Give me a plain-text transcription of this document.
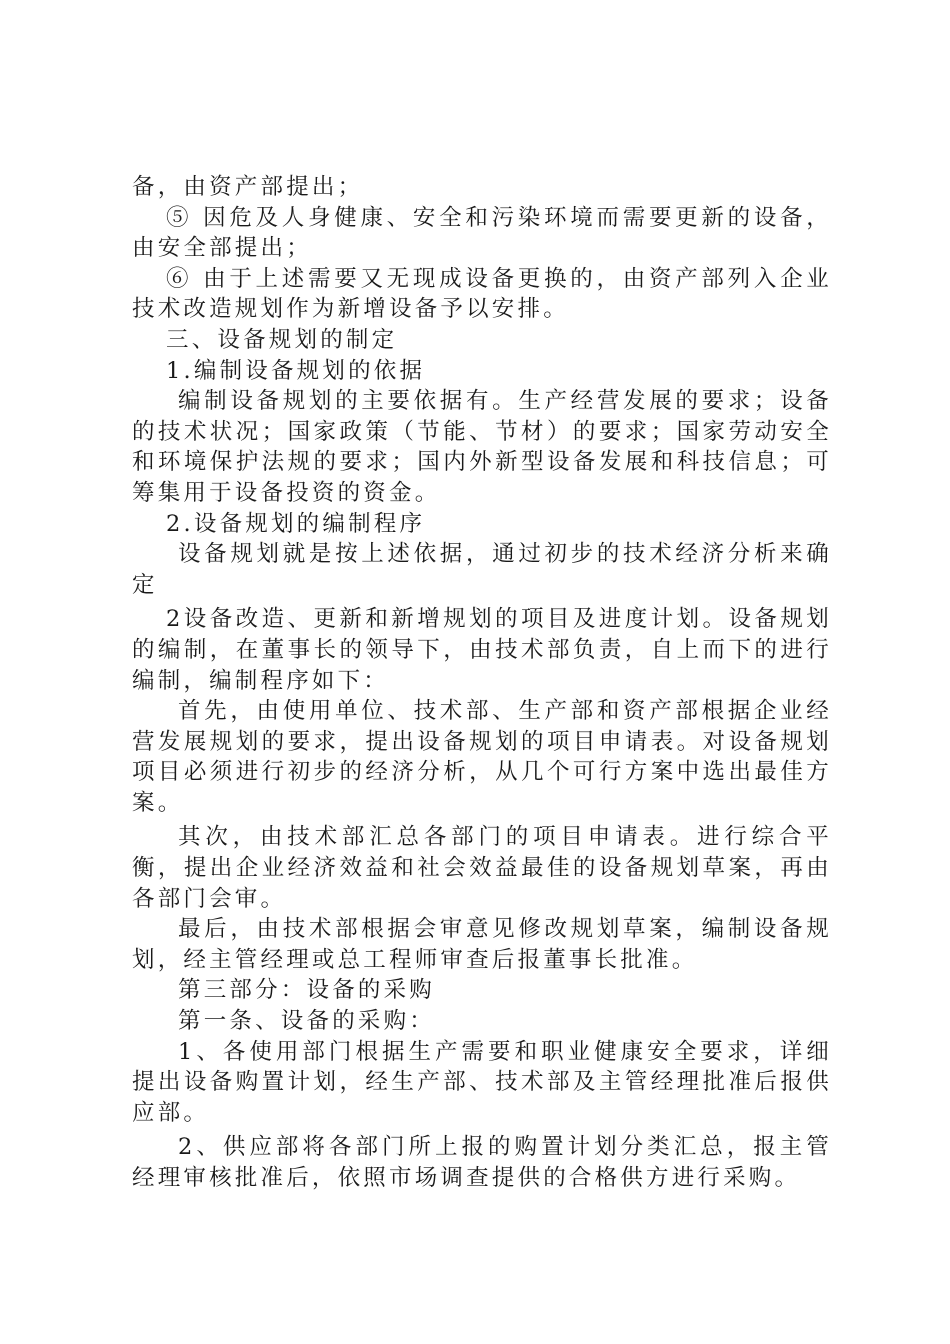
备，由资产部提出；

⑤ 因危及人身健康、安全和污染环境而需要更新的设备，由安全部提出；

⑥ 由于上述需要又无现成设备更换的，由资产部列入企业技术改造规划作为新增设备予以安排。

三、设备规划的制定

1.编制设备规划的依据

编制设备规划的主要依据有。生产经营发展的要求；设备的技术状况；国家政策（节能、节材）的要求；国家劳动安全和环境保护法规的要求；国内外新型设备发展和科技信息；可筹集用于设备投资的资金。

2.设备规划的编制程序

设备规划就是按上述依据，通过初步的技术经济分析来确定

2设备改造、更新和新增规划的项目及进度计划。设备规划的编制，在董事长的领导下，由技术部负责，自上而下的进行编制，编制程序如下：

首先，由使用单位、技术部、生产部和资产部根据企业经营发展规划的要求，提出设备规划的项目申请表。对设备规划项目必须进行初步的经济分析，从几个可行方案中选出最佳方案。

其次，由技术部汇总各部门的项目申请表。进行综合平衡，提出企业经济效益和社会效益最佳的设备规划草案，再由各部门会审。

最后，由技术部根据会审意见修改规划草案，编制设备规划，经主管经理或总工程师审查后报董事长批准。

第三部分：设备的采购

第一条、设备的采购：

1、各使用部门根据生产需要和职业健康安全要求，详细提出设备购置计划，经生产部、技术部及主管经理批准后报供应部。

2、供应部将各部门所上报的购置计划分类汇总，报主管经理审核批准后，依照市场调查提供的合格供方进行采购。
